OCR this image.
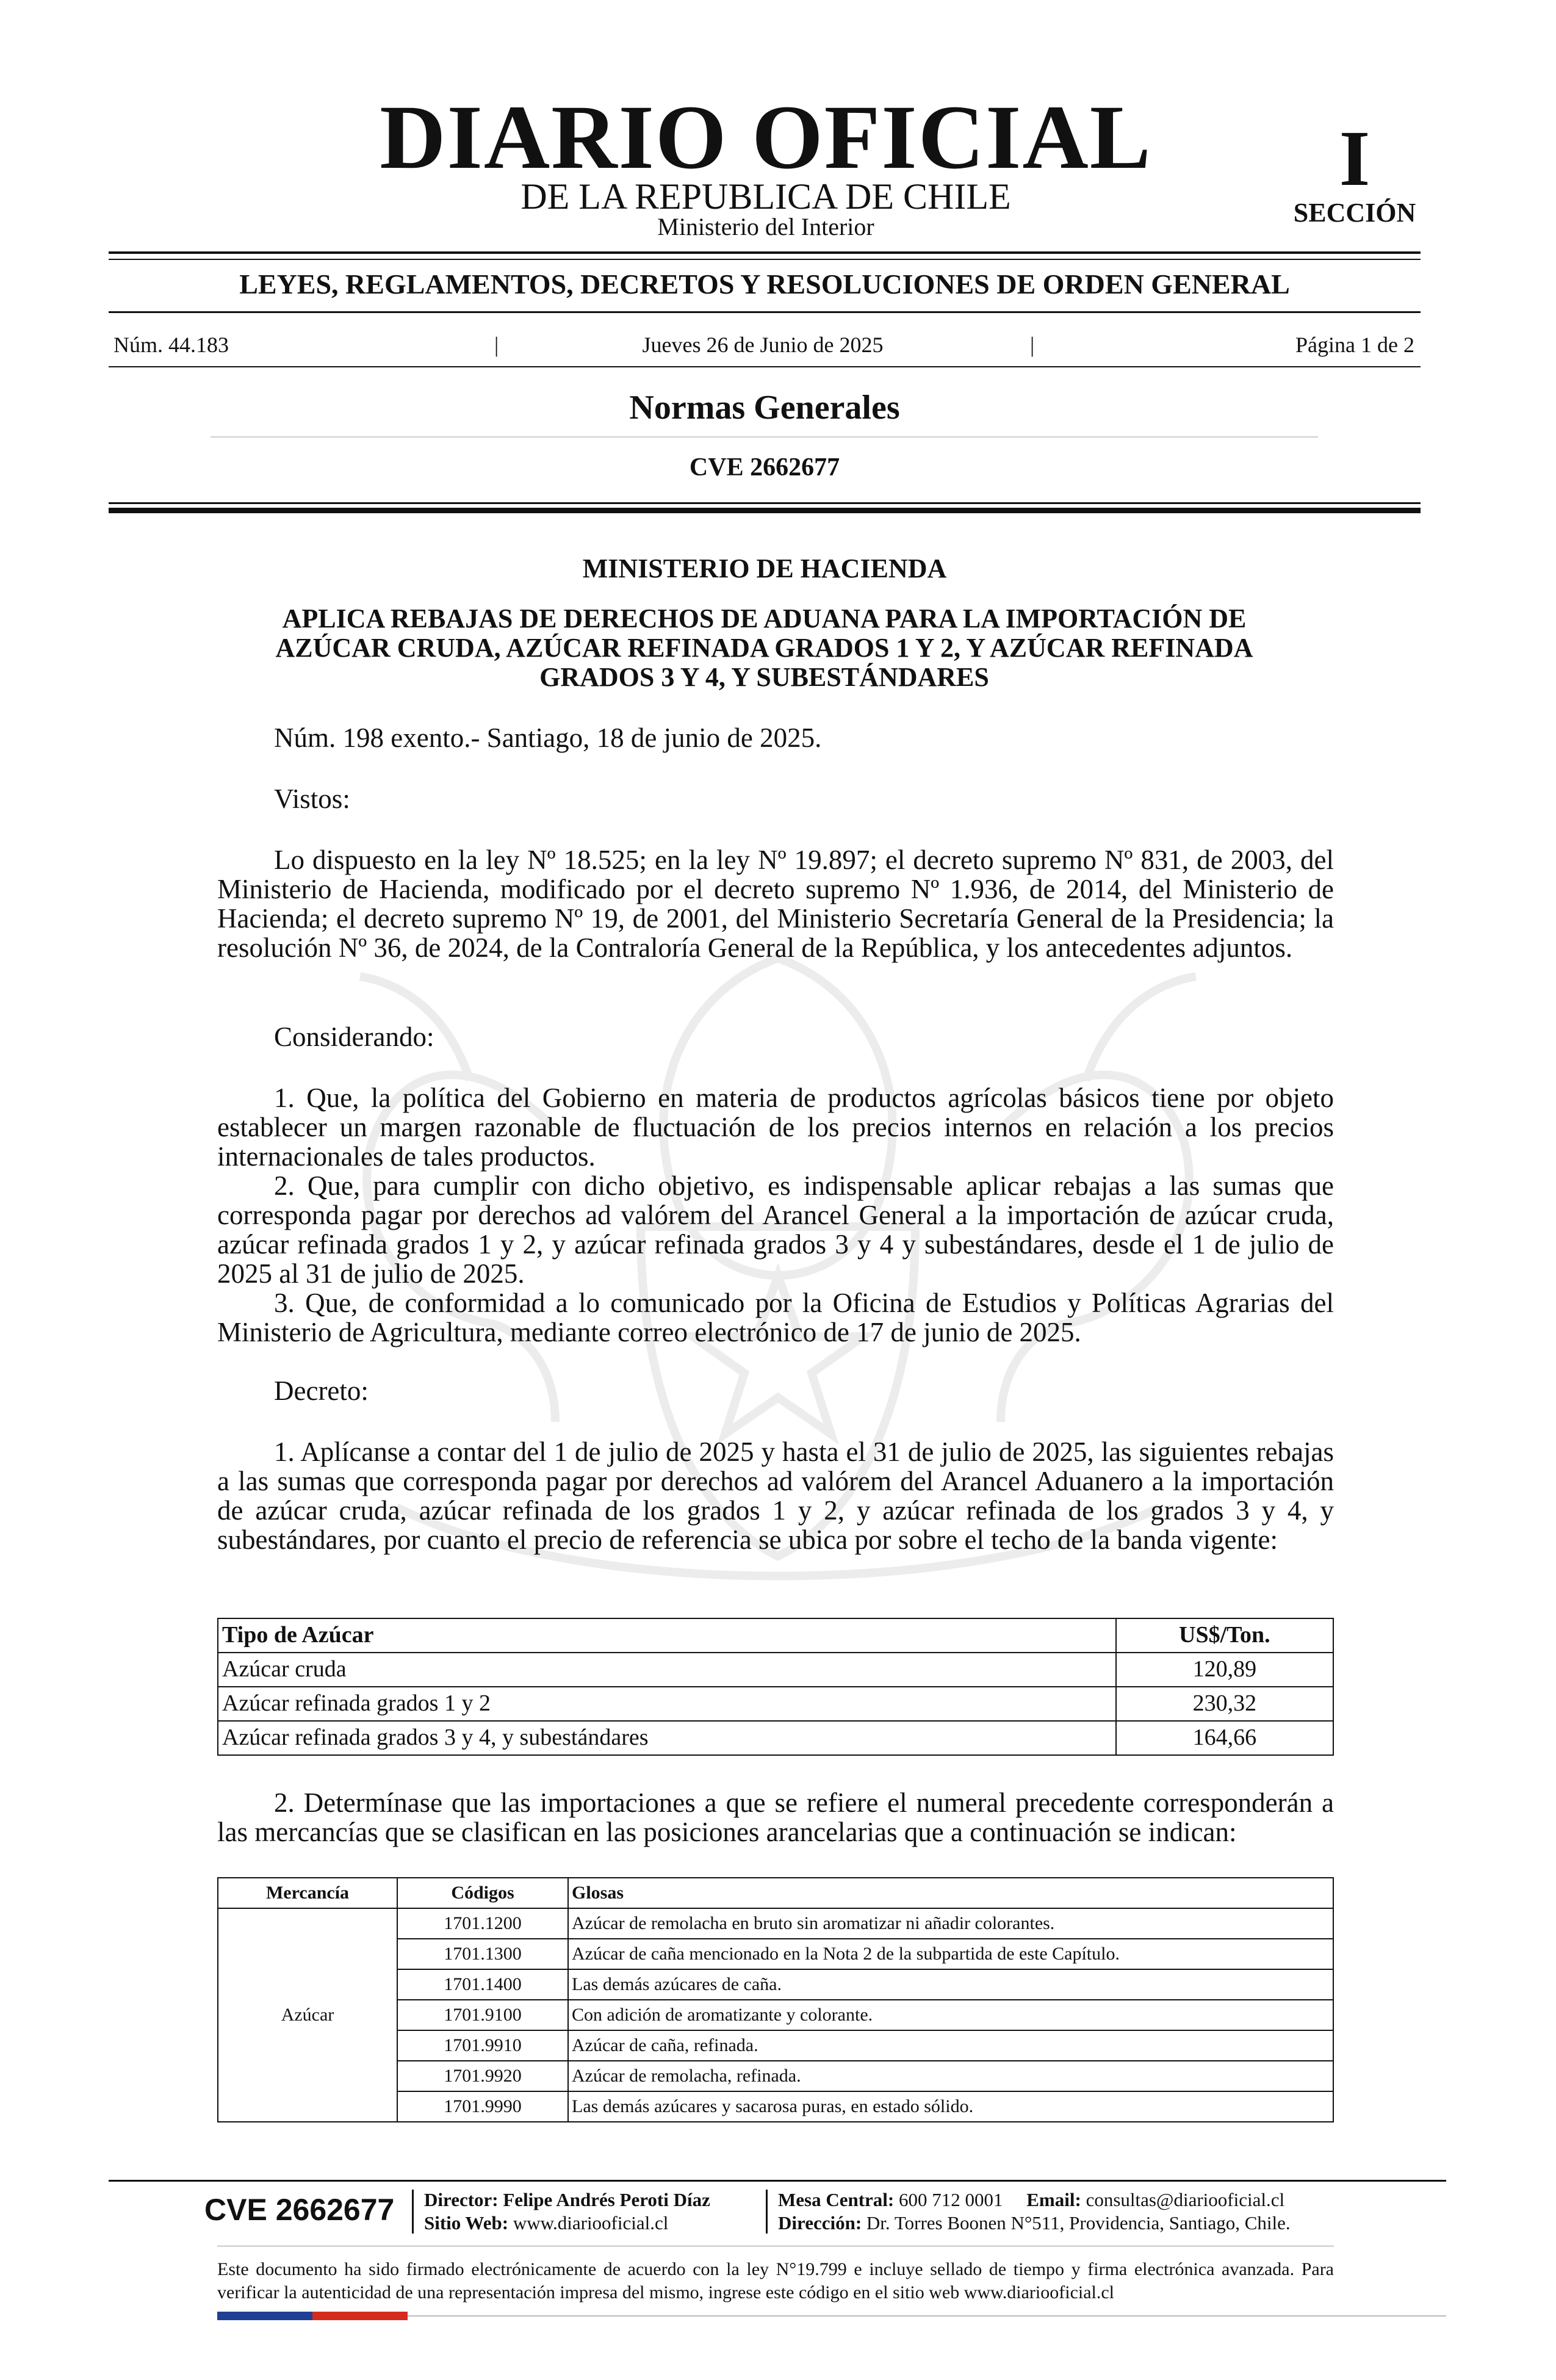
DIARIO OFICIAL
DE LA REPUBLICA DE CHILE
Ministerio del Interior
I
SECCIÓN
LEYES, REGLAMENTOS, DECRETOS Y RESOLUCIONES DE ORDEN GENERAL
Núm. 44.183	|	Jueves 26 de Junio de 2025	|	Página 1 de 2
Normas Generales
CVE 2662677
MINISTERIO DE HACIENDA
APLICA REBAJAS DE DERECHOS DE ADUANA PARA LA IMPORTACIÓN DE
AZÚCAR CRUDA, AZÚCAR REFINADA GRADOS 1 Y 2, Y AZÚCAR REFINADA
GRADOS 3 Y 4, Y SUBESTÁNDARES
Núm. 198 exento.- Santiago, 18 de junio de 2025.
Vistos:
Lo dispuesto en la ley Nº 18.525; en la ley Nº 19.897; el decreto supremo Nº 831, de 2003, del Ministerio de Hacienda, modificado por el decreto supremo Nº 1.936, de 2014, del Ministerio de Hacienda; el decreto supremo Nº 19, de 2001, del Ministerio Secretaría General de la Presidencia; la resolución Nº 36, de 2024, de la Contraloría General de la República, y los antecedentes adjuntos.
Considerando:
1. Que, la política del Gobierno en materia de productos agrícolas básicos tiene por objeto establecer un margen razonable de fluctuación de los precios internos en relación a los precios internacionales de tales productos.
2. Que, para cumplir con dicho objetivo, es indispensable aplicar rebajas a las sumas que corresponda pagar por derechos ad valórem del Arancel General a la importación de azúcar cruda, azúcar refinada grados 1 y 2, y azúcar refinada grados 3 y 4 y subestándares, desde el 1 de julio de 2025 al 31 de julio de 2025.
3. Que, de conformidad a lo comunicado por la Oficina de Estudios y Políticas Agrarias del Ministerio de Agricultura, mediante correo electrónico de 17 de junio de 2025.
Decreto:
1. Aplícanse a contar del 1 de julio de 2025 y hasta el 31 de julio de 2025, las siguientes rebajas a las sumas que corresponda pagar por derechos ad valórem del Arancel Aduanero a la importación de azúcar cruda, azúcar refinada de los grados 1 y 2, y azúcar refinada de los grados 3 y 4, y subestándares, por cuanto el precio de referencia se ubica por sobre el techo de la banda vigente:
Tipo de Azúcar	US$/Ton.
Azúcar cruda	120,89
Azúcar refinada grados 1 y 2	230,32
Azúcar refinada grados 3 y 4, y subestándares	164,66
2. Determínase que las importaciones a que se refiere el numeral precedente corresponderán a las mercancías que se clasifican en las posiciones arancelarias que a continuación se indican:
Mercancía	Códigos	Glosas
Azúcar	1701.1200	Azúcar de remolacha en bruto sin aromatizar ni añadir colorantes.
	1701.1300	Azúcar de caña mencionado en la Nota 2 de la subpartida de este Capítulo.
	1701.1400	Las demás azúcares de caña.
	1701.9100	Con adición de aromatizante y colorante.
	1701.9910	Azúcar de caña, refinada.
	1701.9920	Azúcar de remolacha, refinada.
	1701.9990	Las demás azúcares y sacarosa puras, en estado sólido.
CVE 2662677	Director: Felipe Andrés Peroti Díaz
Sitio Web: www.diariooficial.cl
Mesa Central: 600 712 0001 Email: consultas@diariooficial.cl
Dirección: Dr. Torres Boonen N°511, Providencia, Santiago, Chile.
Este documento ha sido firmado electrónicamente de acuerdo con la ley N°19.799 e incluye sellado de tiempo y firma electrónica avanzada. Para verificar la autenticidad de una representación impresa del mismo, ingrese este código en el sitio web www.diariooficial.cl
